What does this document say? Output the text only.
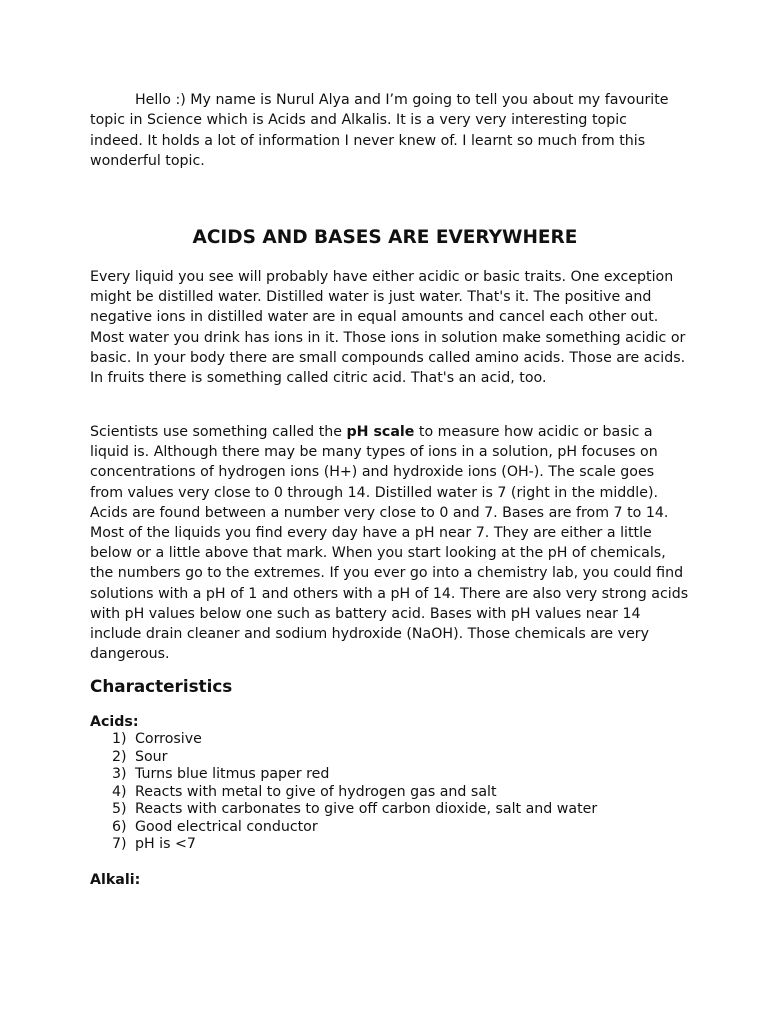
Hello :) My name is Nurul Alya and I’m going to tell you about my favourite topic in Science which is Acids and Alkalis. It is a very very interesting topic indeed. It holds a lot of information I never knew of. I learnt so much from this wonderful topic.

ACIDS AND BASES ARE EVERYWHERE

Every liquid you see will probably have either acidic or basic traits. One exception might be distilled water. Distilled water is just water. That's it. The positive and negative ions in distilled water are in equal amounts and cancel each other out. Most water you drink has ions in it. Those ions in solution make something acidic or basic. In your body there are small compounds called amino acids. Those are acids. In fruits there is something called citric acid. That's an acid, too.

Scientists use something called the pH scale to measure how acidic or basic a liquid is. Although there may be many types of ions in a solution, pH focuses on concentrations of hydrogen ions (H+) and hydroxide ions (OH-). The scale goes from values very close to 0 through 14. Distilled water is 7 (right in the middle). Acids are found between a number very close to 0 and 7. Bases are from 7 to 14. Most of the liquids you find every day have a pH near 7. They are either a little below or a little above that mark. When you start looking at the pH of chemicals, the numbers go to the extremes. If you ever go into a chemistry lab, you could find solutions with a pH of 1 and others with a pH of 14. There are also very strong acids with pH values below one such as battery acid. Bases with pH values near 14 include drain cleaner and sodium hydroxide (NaOH). Those chemicals are very dangerous.

Characteristics
Acids:
1) Corrosive
2) Sour
3) Turns blue litmus paper red
4) Reacts with metal to give of hydrogen gas and salt
5) Reacts with carbonates to give off carbon dioxide, salt and water
6) Good electrical conductor
7) pH is <7
Alkali:
